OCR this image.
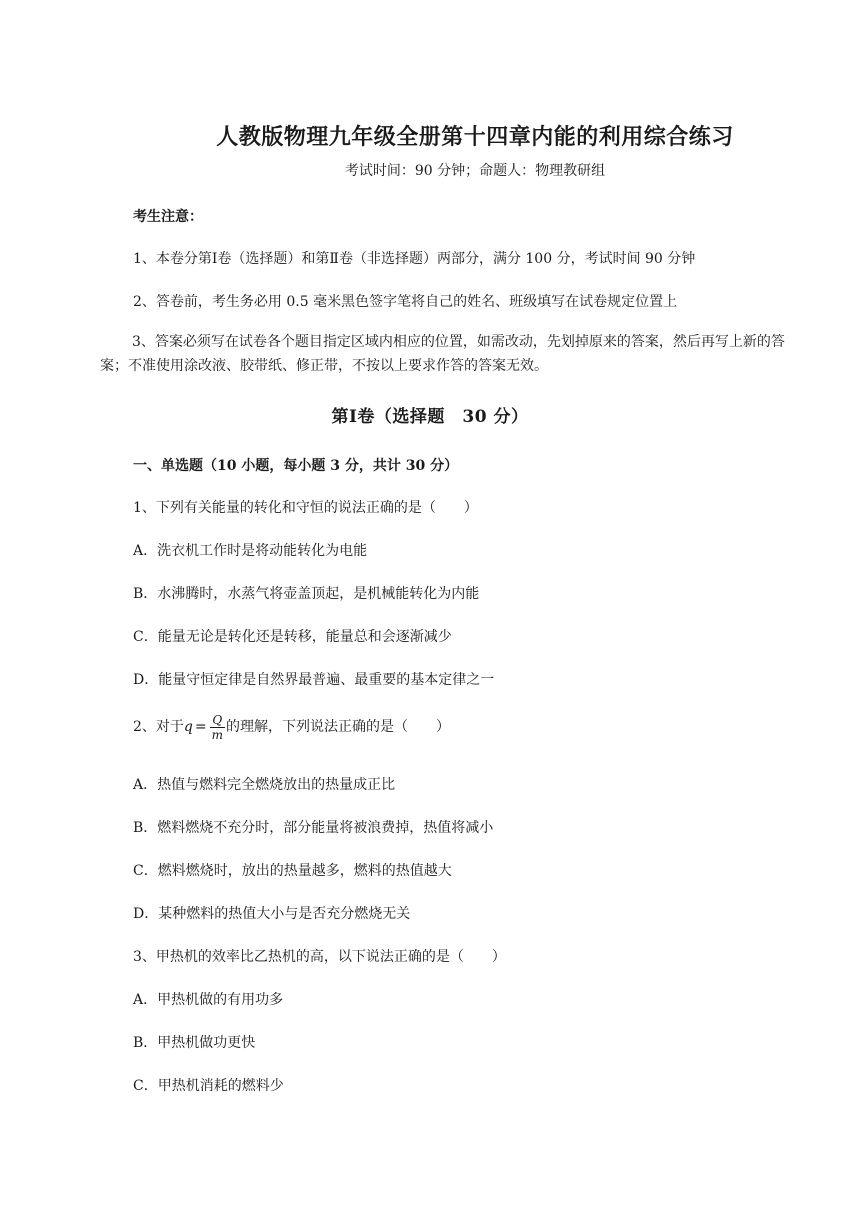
人教版物理九年级全册第十四章内能的利用综合练习
考试时间：90 分钟；命题人：物理教研组
考生注意：
1、本卷分第Ⅰ卷（选择题）和第Ⅱ卷（非选择题）两部分，满分 100 分，考试时间 90 分钟
2、答卷前，考生务必用 0.5 毫米黑色签字笔将自己的姓名、班级填写在试卷规定位置上
3、答案必须写在试卷各个题目指定区域内相应的位置，如需改动，先划掉原来的答案，然后再写上新的答案；不准使用涂改液、胶带纸、修正带，不按以上要求作答的答案无效。
第Ⅰ卷（选择题　30 分）
一、单选题（10 小题，每小题 3 分，共计 30 分）
1、下列有关能量的转化和守恒的说法正确的是（　　）
A．洗衣机工作时是将动能转化为电能
B．水沸腾时，水蒸气将壶盖顶起，是机械能转化为内能
C．能量无论是转化还是转移，能量总和会逐渐减少
D．能量守恒定律是自然界最普遍、最重要的基本定律之一
2、对于$q = \frac{Q}{m}$ 的理解，下列说法正确的是（　　）
A．热值与燃料完全燃烧放出的热量成正比
B．燃料燃烧不充分时，部分能量将被浪费掉，热值将减小
C．燃料燃烧时，放出的热量越多，燃料的热值越大
D．某种燃料的热值大小与是否充分燃烧无关
3、甲热机的效率比乙热机的高，以下说法正确的是（　　）
A．甲热机做的有用功多
B．甲热机做功更快
C．甲热机消耗的燃料少
